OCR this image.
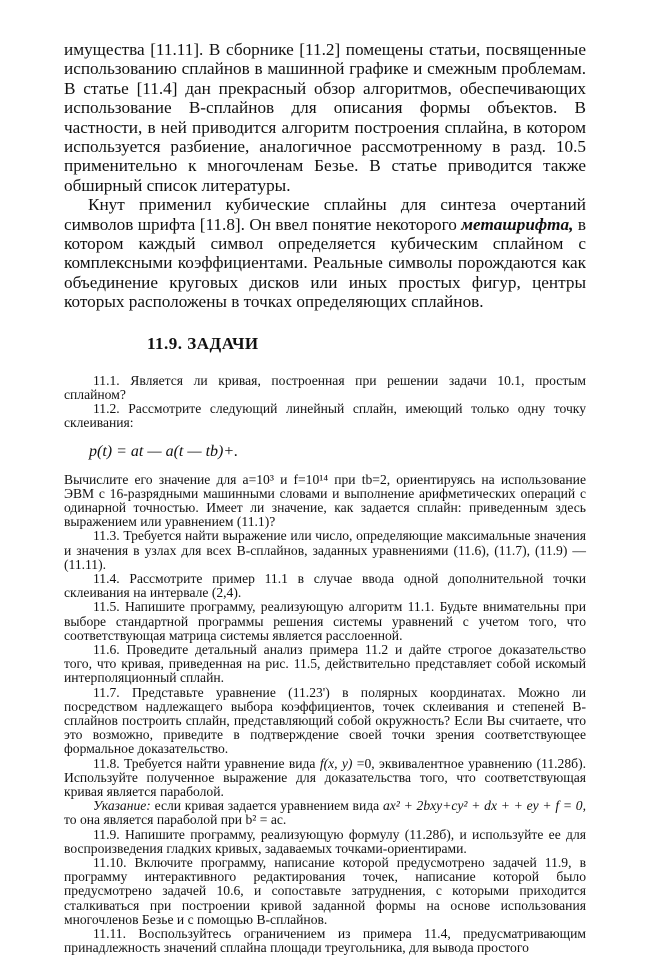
имущества [11.11]. В сборнике [11.2] помещены статьи, посвященные использованию сплайнов в машинной графике и смежным проблемам. В статье [11.4] дан прекрасный обзор алгоритмов, обеспечивающих использование B-сплайнов для описания формы объектов. В частности, в ней приводится алгоритм построения сплайна, в котором используется разбиение, аналогичное рассмотренному в разд. 10.5 применительно к многочленам Безье. В статье приводится также обширный список литературы.

Кнут применил кубические сплайны для синтеза очертаний символов шрифта [11.8]. Он ввел понятие некоторого меташрифта, в котором каждый символ определяется кубическим сплайном с комплексными коэффициентами. Реальные символы порождаются как объединение круговых дисков или иных простых фигур, центры которых расположены в точках определяющих сплайнов.

11.9. ЗАДАЧИ

11.1. Является ли кривая, построенная при решении задачи 10.1, простым сплайном?

11.2. Рассмотрите следующий линейный сплайн, имеющий только одну точку склеивания:

p(t) = at — a(t — tb)+.

Вычислите его значение для a=10³ и f=10¹⁴ при tb=2, ориентируясь на использование ЭВМ с 16-разрядными машинными словами и выполнение арифметических операций с одинарной точностью. Имеет ли значение, как задается сплайн: приведенным здесь выражением или уравнением (11.1)?

11.3. Требуется найти выражение или число, определяющие максимальные значения и значения в узлах для всех B-сплайнов, заданных уравнениями (11.6), (11.7), (11.9) —(11.11).

11.4. Рассмотрите пример 11.1 в случае ввода одной дополнительной точки склеивания на интервале (2,4).

11.5. Напишите программу, реализующую алгоритм 11.1. Будьте внимательны при выборе стандартной программы решения системы уравнений с учетом того, что соответствующая матрица системы является расслоенной.

11.6. Проведите детальный анализ примера 11.2 и дайте строгое доказательство того, что кривая, приведенная на рис. 11.5, действительно представляет собой искомый интерполяционный сплайн.

11.7. Представьте уравнение (11.23') в полярных координатах. Можно ли посредством надлежащего выбора коэффициентов, точек склеивания и степеней B-сплайнов построить сплайн, представляющий собой окружность? Если Вы считаете, что это возможно, приведите в подтверждение своей точки зрения соответствующее формальное доказательство.

11.8. Требуется найти уравнение вида f(x, y) =0, эквивалентное уравнению (11.28б). Используйте полученное выражение для доказательства того, что соответствующая кривая является параболой.

Указание: если кривая задается уравнением вида ax² + 2bxy+cy² + dx + + ey + f = 0, то она является параболой при b² = ac.

11.9. Напишите программу, реализующую формулу (11.28б), и используйте ее для воспроизведения гладких кривых, задаваемых точками-ориентирами.

11.10. Включите программу, написание которой предусмотрено задачей 11.9, в программу интерактивного редактирования точек, написание которой было предусмотрено задачей 10.6, и сопоставьте затруднения, с которыми приходится сталкиваться при построении кривой заданной формы на основе использования многочленов Безье и с помощью B-сплайнов.

11.11. Воспользуйтесь ограничением из примера 11.4, предусматривающим принадлежность значений сплайна площади треугольника, для вывода простого
